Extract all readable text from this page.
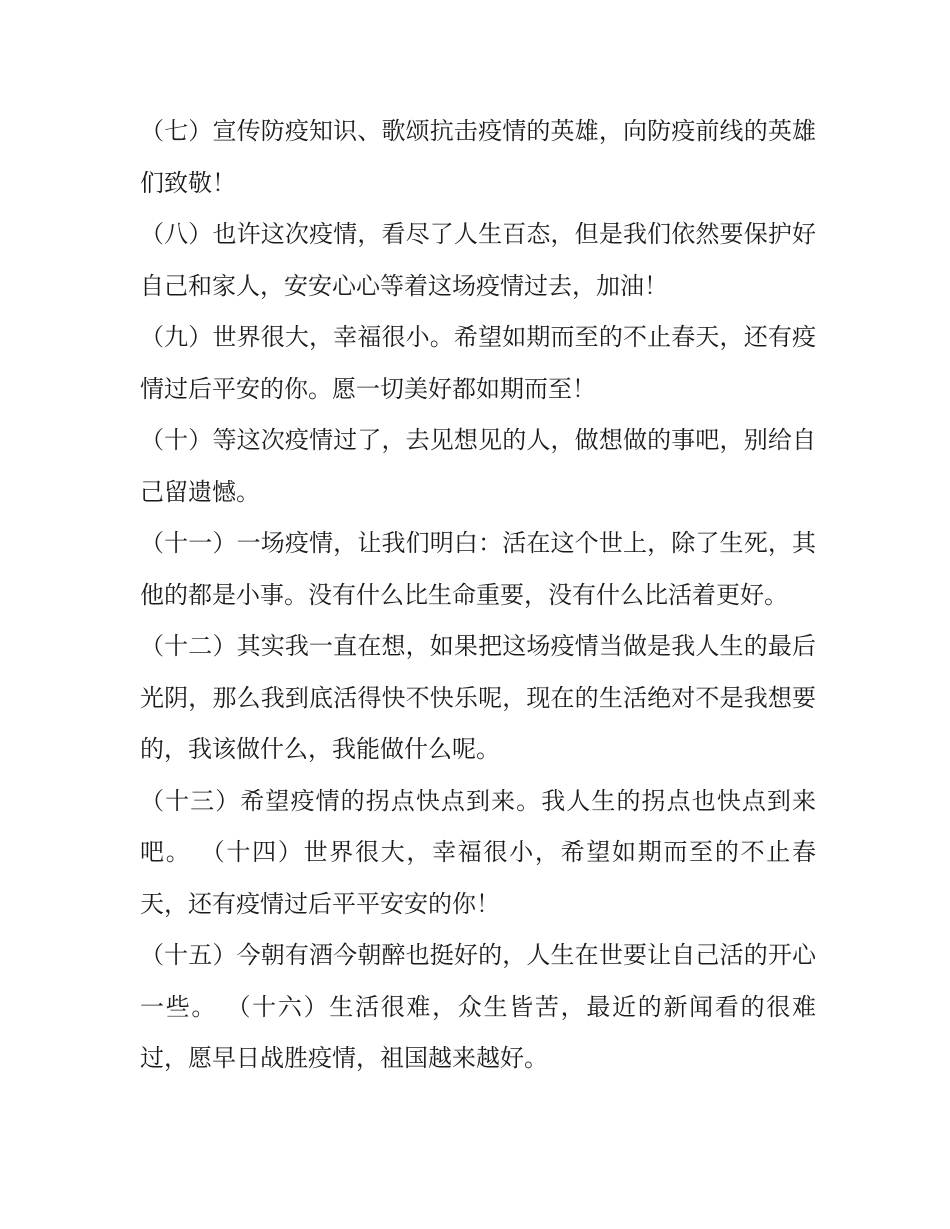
（七）宣传防疫知识、歌颂抗击疫情的英雄，向防疫前线的英雄们致敬！

（八）也许这次疫情，看尽了人生百态，但是我们依然要保护好自己和家人，安安心心等着这场疫情过去，加油！

（九）世界很大，幸福很小。希望如期而至的不止春天，还有疫情过后平安的你。愿一切美好都如期而至！

（十）等这次疫情过了，去见想见的人，做想做的事吧，别给自己留遗憾。

（十一）一场疫情，让我们明白：活在这个世上，除了生死，其他的都是小事。没有什么比生命重要，没有什么比活着更好。

（十二）其实我一直在想，如果把这场疫情当做是我人生的最后光阴，那么我到底活得快不快乐呢，现在的生活绝对不是我想要的，我该做什么，我能做什么呢。

（十三）希望疫情的拐点快点到来。我人生的拐点也快点到来吧。 （十四）世界很大，幸福很小，希望如期而至的不止春天，还有疫情过后平平安安的你！

（十五）今朝有酒今朝醉也挺好的，人生在世要让自己活的开心一些。 （十六）生活很难，众生皆苦，最近的新闻看的很难过，愿早日战胜疫情，祖国越来越好。
